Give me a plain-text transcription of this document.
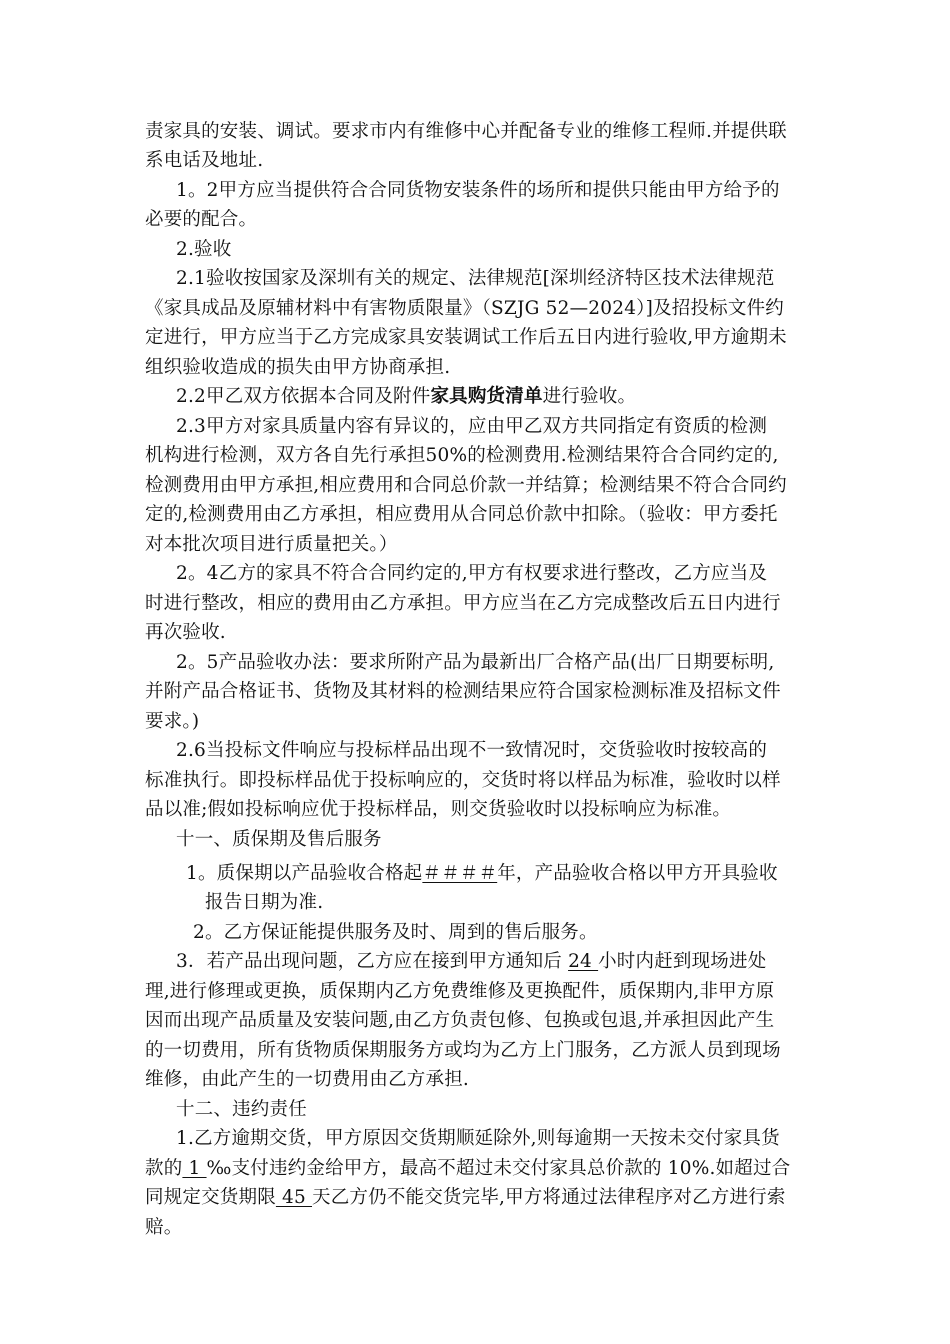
责家具的安装、调试。要求市内有维修中心并配备专业的维修工程师.并提供联
系电话及地址.
1。2甲方应当提供符合合同货物安装条件的场所和提供只能由甲方给予的
必要的配合。
2.验收
2.1验收按国家及深圳有关的规定、法律规范[深圳经济特区技术法律规范
《家具成品及原辅材料中有害物质限量》（SZJG 52—2024）]及招投标文件约
定进行，甲方应当于乙方完成家具安装调试工作后五日内进行验收,甲方逾期未
组织验收造成的损失由甲方协商承担.
2.2甲乙双方依据本合同及附件家具购货清单进行验收。
2.3甲方对家具质量内容有异议的，应由甲乙双方共同指定有资质的检测
机构进行检测，双方各自先行承担50%的检测费用.检测结果符合合同约定的,
检测费用由甲方承担,相应费用和合同总价款一并结算；检测结果不符合合同约
定的,检测费用由乙方承担，相应费用从合同总价款中扣除。（验收：甲方委托
对本批次项目进行质量把关。）
2。4乙方的家具不符合合同约定的,甲方有权要求进行整改，乙方应当及
时进行整改，相应的费用由乙方承担。甲方应当在乙方完成整改后五日内进行
再次验收.
2。5产品验收办法：要求所附产品为最新出厂合格产品(出厂日期要标明,
并附产品合格证书、货物及其材料的检测结果应符合国家检测标准及招标文件
要求。)
2.6当投标文件响应与投标样品出现不一致情况时，交货验收时按较高的
标准执行。即投标样品优于投标响应的，交货时将以样品为标准，验收时以样
品以准;假如投标响应优于投标样品，则交货验收时以投标响应为标准。
十一、质保期及售后服务
1。质保期以产品验收合格起＃＃＃＃年，产品验收合格以甲方开具验收
报告日期为准.
2。乙方保证能提供服务及时、周到的售后服务。
3．若产品出现问题，乙方应在接到甲方通知后 24 小时内赶到现场进处
理,进行修理或更换，质保期内乙方免费维修及更换配件，质保期内,非甲方原
因而出现产品质量及安装问题,由乙方负责包修、包换或包退,并承担因此产生
的一切费用，所有货物质保期服务方或均为乙方上门服务，乙方派人员到现场
维修，由此产生的一切费用由乙方承担.
十二、违约责任
1.乙方逾期交货，甲方原因交货期顺延除外,则每逾期一天按未交付家具货
款的 1 ‰支付违约金给甲方，最高不超过未交付家具总价款的 10%.如超过合
同规定交货期限 45 天乙方仍不能交货完毕,甲方将通过法律程序对乙方进行索
赔。
